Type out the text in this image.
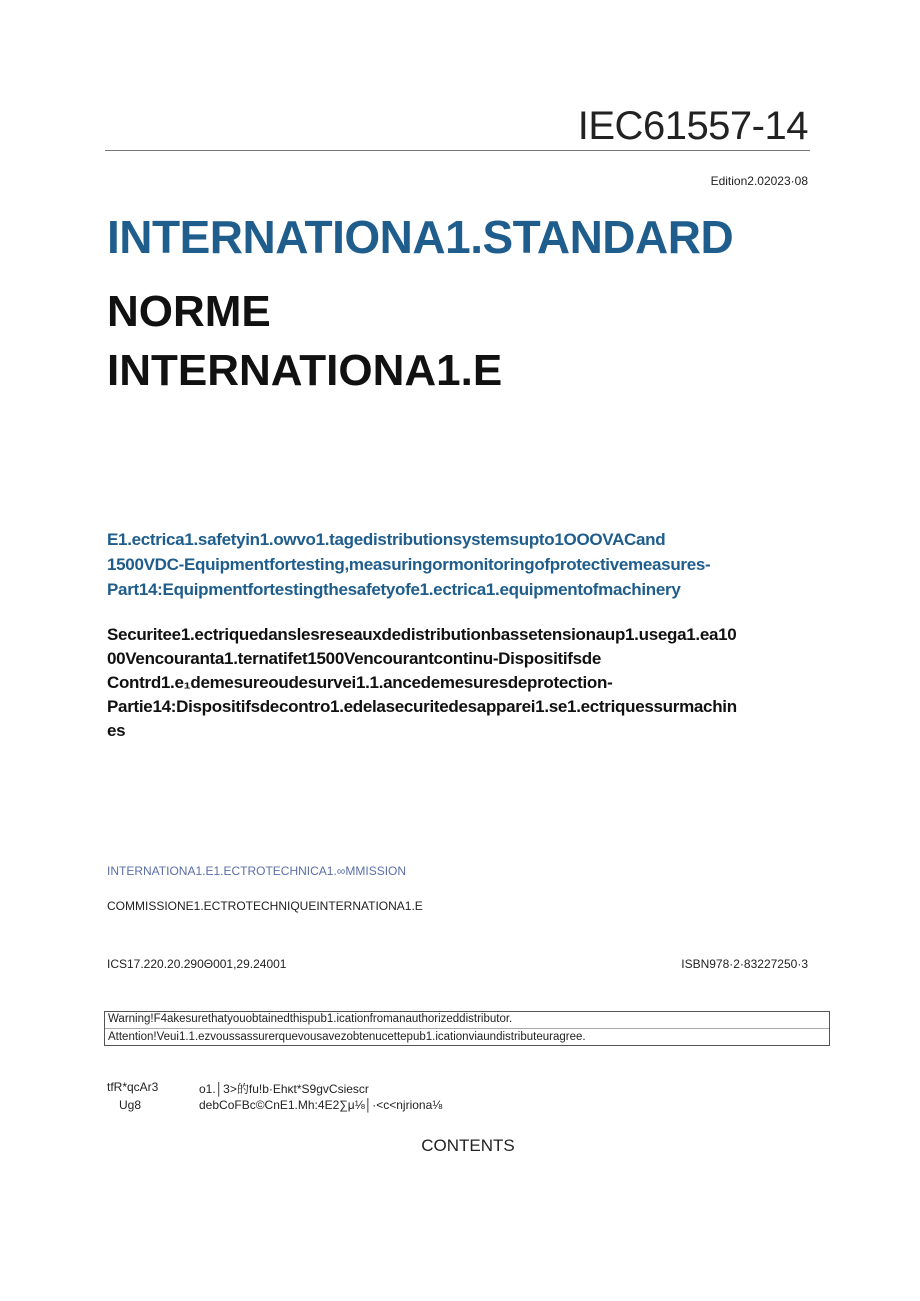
IEC61557-14
Edition2.02023·08
INTERNATIONA1.STANDARD
NORME
INTERNATIONA1.E
E1.ectrica1.safetyin1.owvo1.tagedistributionsystemsupto1OOOVACand
1500VDC-Equipmentfortesting,measuringormonitoringofprotectivemeasures-
Part14:Equipmentfortestingthesafetyofe1.ectrica1.equipmentofmachinery
Securitee1.ectriquedanslesreseauxdedistributionbassetensionaup1.usega1.ea10
00Vencouranta1.ternatifet1500Vencourantcontinu-Dispositifsde
Contrd1.e₁demesureoudesurvei1.1.ancedemesuresdeprotection-
Partie14:Dispositifsdecontro1.edelasecuritedesapparei1.se1.ectriquessurmachin
es
INTERNATIONA1.E1.ECTROTECHNICA1.∞MMISSION
COMMISSIONE1.ECTROTECHNIQUEINTERNATIONA1.E
ICS17.220.20.290Θ001,29.24001	ISBN978·2·83227250·3
Warning!F4akesurethatyouobtainedthispub1.icationfromanauthorizeddistributor.
Attention!Veui1.1.ezvoussassurerquevousavezobtenucettepub1.icationviaundistributeuragree.
tfR*qcAr3	o1.│3>的fu!b·Ehκt*S9gvCsiescr
Ug8	debCoFBc©CnE1.Mh:4E2∑μ⅛│·<c<njriona⅛
CONTENTS
